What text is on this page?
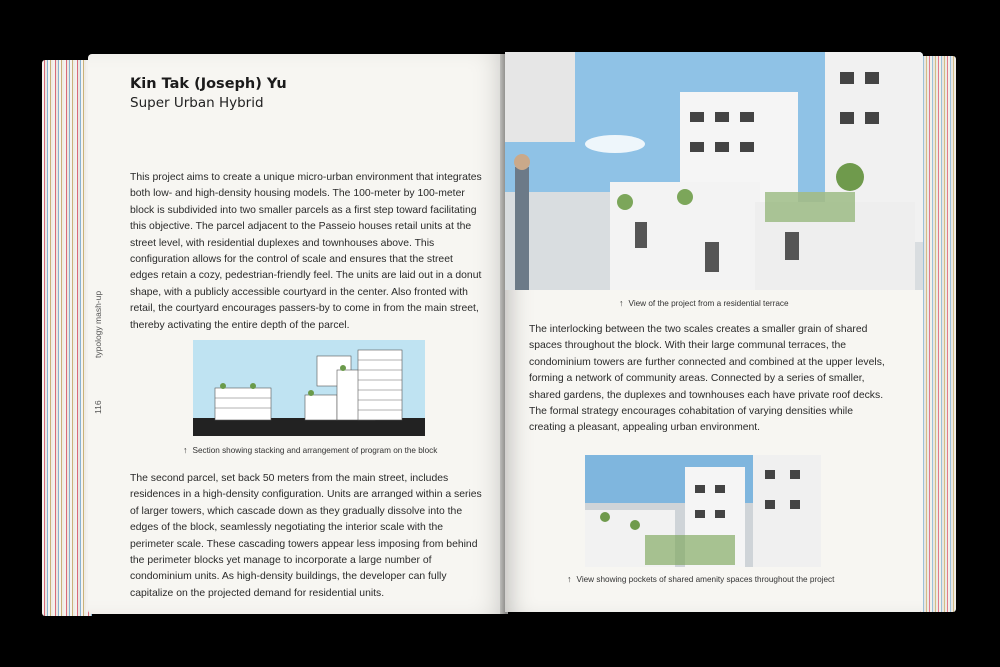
Kin Tak (Joseph) Yu
Super Urban Hybrid
This project aims to create a unique micro-urban environment that integrates both low- and high-density housing models. The 100-meter by 100-meter block is subdivided into two smaller parcels as a first step toward facilitating this objective. The parcel adjacent to the Passeio houses retail units at the street level, with residential duplexes and townhouses above. This configuration allows for the control of scale and ensures that the street edges retain a cozy, pedestrian-friendly feel. The units are laid out in a donut shape, with a publicly accessible courtyard in the center. Also fronted with retail, the courtyard encourages passers-by to come in from the main street, thereby activating the entire depth of the parcel.
↑ Section showing stacking and arrangement of program on the block
The second parcel, set back 50 meters from the main street, includes residences in a high-density configuration. Units are arranged within a series of larger towers, which cascade down as they gradually dissolve into the edges of the block, seamlessly negotiating the interior scale with the perimeter scale. These cascading towers appear less imposing from behind the perimeter blocks yet manage to incorporate a large number of condominium units. As high-density buildings, the developer can fully capitalize on the projected demand for residential units.
116
typology mash-up	↑ View of the project from a residential terrace
The interlocking between the two scales creates a smaller grain of shared spaces throughout the block. With their large communal terraces, the condominium towers are further connected and combined at the upper levels, forming a network of community areas. Connected by a series of smaller, shared gardens, the duplexes and townhouses each have private roof decks. The formal strategy encourages cohabitation of varying densities while creating a pleasant, appealing urban environment.
↑ View showing pockets of shared amenity spaces throughout the project
